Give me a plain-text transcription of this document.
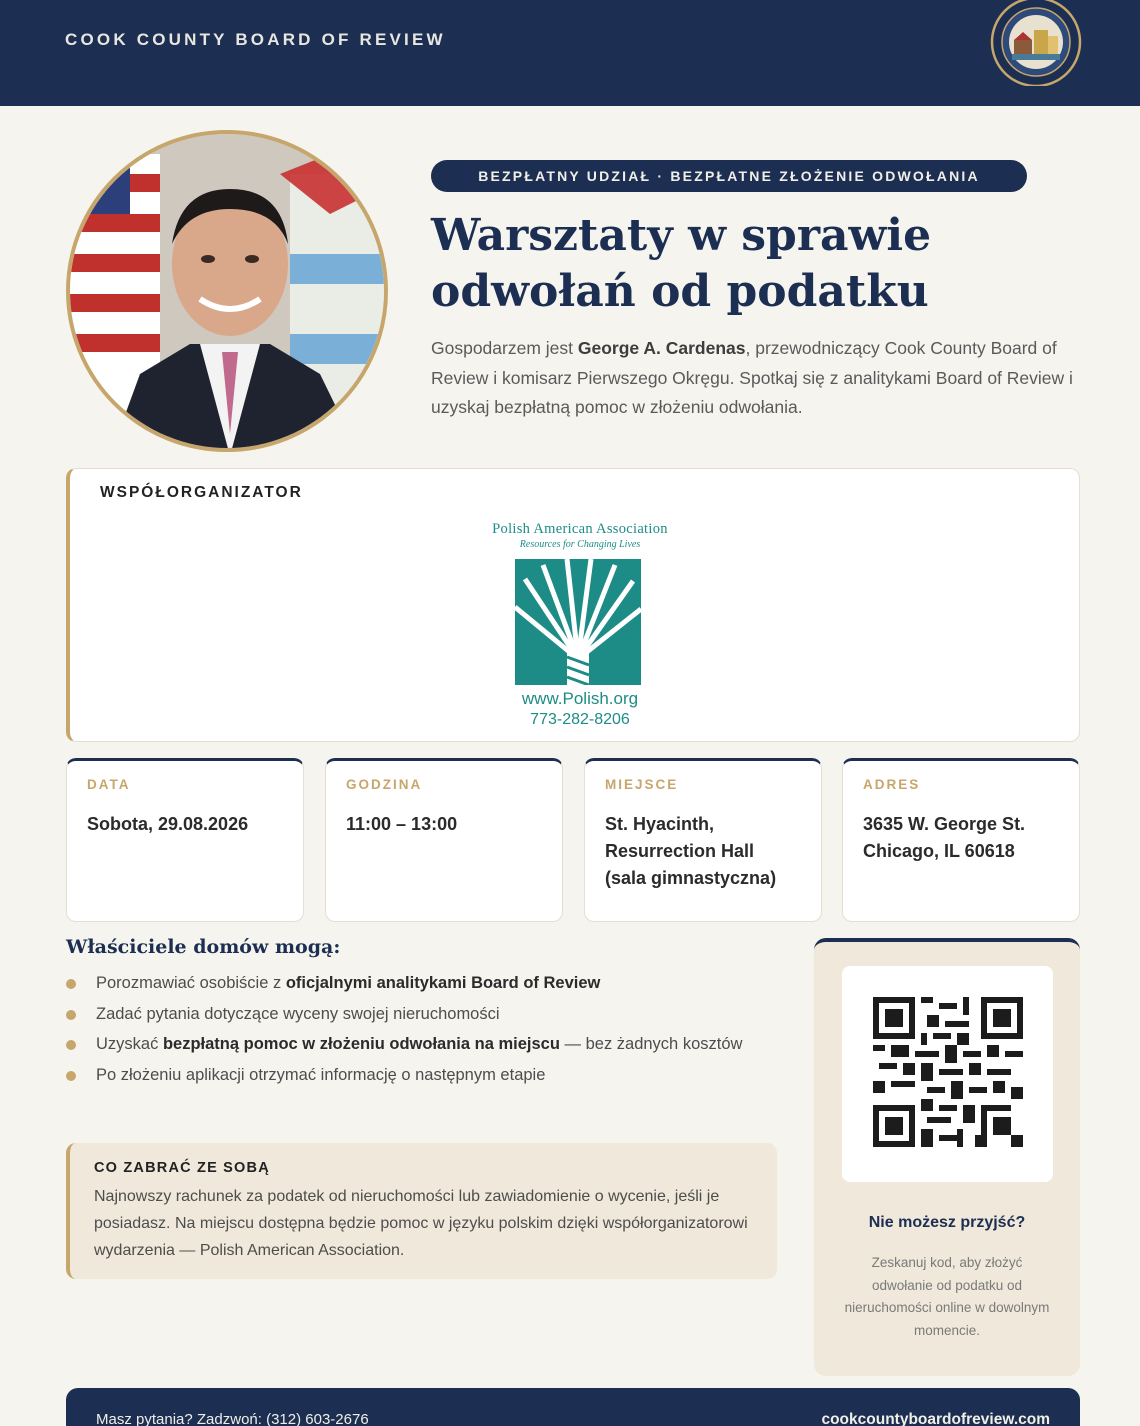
COOK COUNTY BOARD OF REVIEW
BEZPŁATNY UDZIAŁ · BEZPŁATNE ZŁOŻENIE ODWOŁANIA
Warsztaty w sprawie
odwołań od podatku

Gospodarzem jest George A. Cardenas, przewodniczący Cook County Board of Review i komisarz Pierwszego Okręgu. Spotkaj się z analitykami Board of Review i uzyskaj bezpłatną pomoc w złożeniu odwołania.

WSPÓŁORGANIZATOR
Polish American Association
Resources for Changing Lives
www.Polish.org
773-282-8206
DATA
Sobota, 29.08.2026
GODZINA
11:00 – 13:00
MIEJSCE
St. Hyacinth,
Resurrection Hall
(sala gimnastyczna)
ADRES
3635 W. George St.
Chicago, IL 60618
Właściciele domów mogą:
Porozmawiać osobiście z oficjalnymi analitykami Board of Review
Zadać pytania dotyczące wyceny swojej nieruchomości
Uzyskać bezpłatną pomoc w złożeniu odwołania na miejscu — bez żadnych kosztów
Po złożeniu aplikacji otrzymać informację o następnym etapie
CO ZABRAĆ ZE SOBĄ

Najnowszy rachunek za podatek od nieruchomości lub zawiadomienie o wycenie, jeśli je posiadasz. Na miejscu dostępna będzie pomoc w języku polskim dzięki współorganizatorowi wydarzenia — Polish American Association.

Nie możesz przyjść?

Zeskanuj kod, aby złożyć odwołanie od podatku od nieruchomości online w dowolnym momencie.

Masz pytania? Zadzwoń: (312) 603-2676	cookcountyboardofreview.com
